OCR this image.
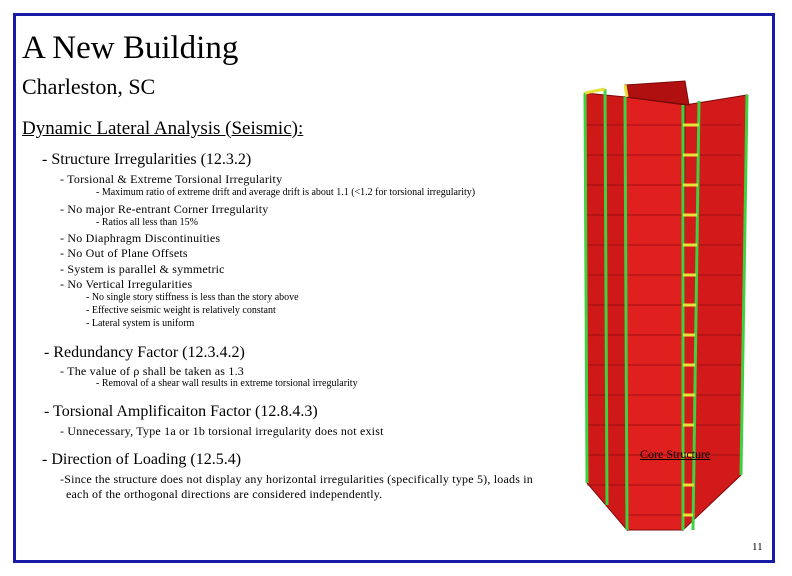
A New Building
Charleston, SC
Dynamic Lateral Analysis (Seismic):
- Structure Irregularities (12.3.2)
- Torsional & Extreme Torsional Irregularity
- Maximum ratio of extreme drift and average drift is about 1.1 (<1.2 for torsional irregularity)
- No major Re-entrant Corner Irregularity
- Ratios all less than 15%
- No Diaphragm Discontinuities
- No Out of Plane Offsets
- System is parallel & symmetric
- No Vertical Irregularities
- No single story stiffness is less than the story above
- Effective seismic weight is relatively constant
- Lateral system is uniform
- Redundancy Factor (12.3.4.2)
- The value of ρ shall be taken as 1.3
- Removal of a shear wall results in extreme torsional irregularity
- Torsional Amplificaiton Factor (12.8.4.3)
- Unnecessary, Type 1a or 1b torsional irregularity does not exist
- Direction of Loading (12.5.4)
-Since the structure does not display any horizontal irregularities (specifically type 5), loads in
each of the orthogonal directions are considered independently.
Core Structure
11
